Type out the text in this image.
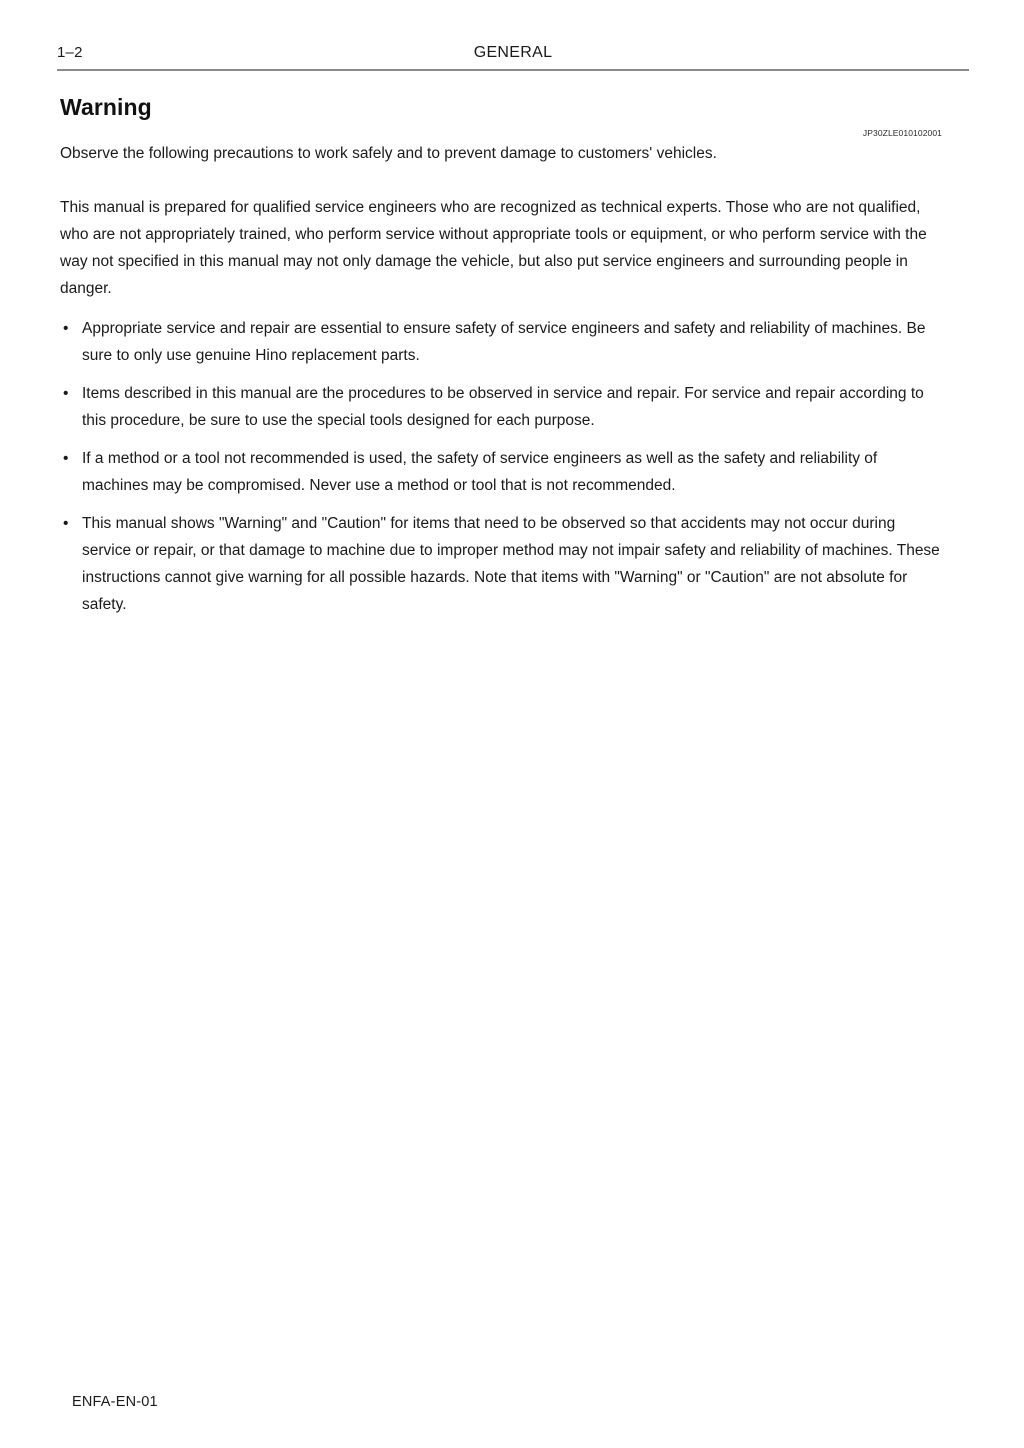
1–2	GENERAL
Warning
JP30ZLE010102001

Observe the following precautions to work safely and to prevent damage to customers' vehicles.

This manual is prepared for qualified service engineers who are recognized as technical experts. Those who are not qualified, who are not appropriately trained, who perform service without appropriate tools or equipment, or who perform service with the way not specified in this manual may not only damage the vehicle, but also put service engineers and surrounding people in danger.

• Appropriate service and repair are essential to ensure safety of service engineers and safety and reliability of machines. Be sure to only use genuine Hino replacement parts.
• Items described in this manual are the procedures to be observed in service and repair. For service and repair according to this procedure, be sure to use the special tools designed for each purpose.
• If a method or a tool not recommended is used, the safety of service engineers as well as the safety and reliability of machines may be compromised. Never use a method or tool that is not recommended.
• This manual shows "Warning" and "Caution" for items that need to be observed so that accidents may not occur during service or repair, or that damage to machine due to improper method may not impair safety and reliability of machines. These instructions cannot give warning for all possible hazards. Note that items with "Warning" or "Caution" are not absolute for safety.
ENFA-EN-01
